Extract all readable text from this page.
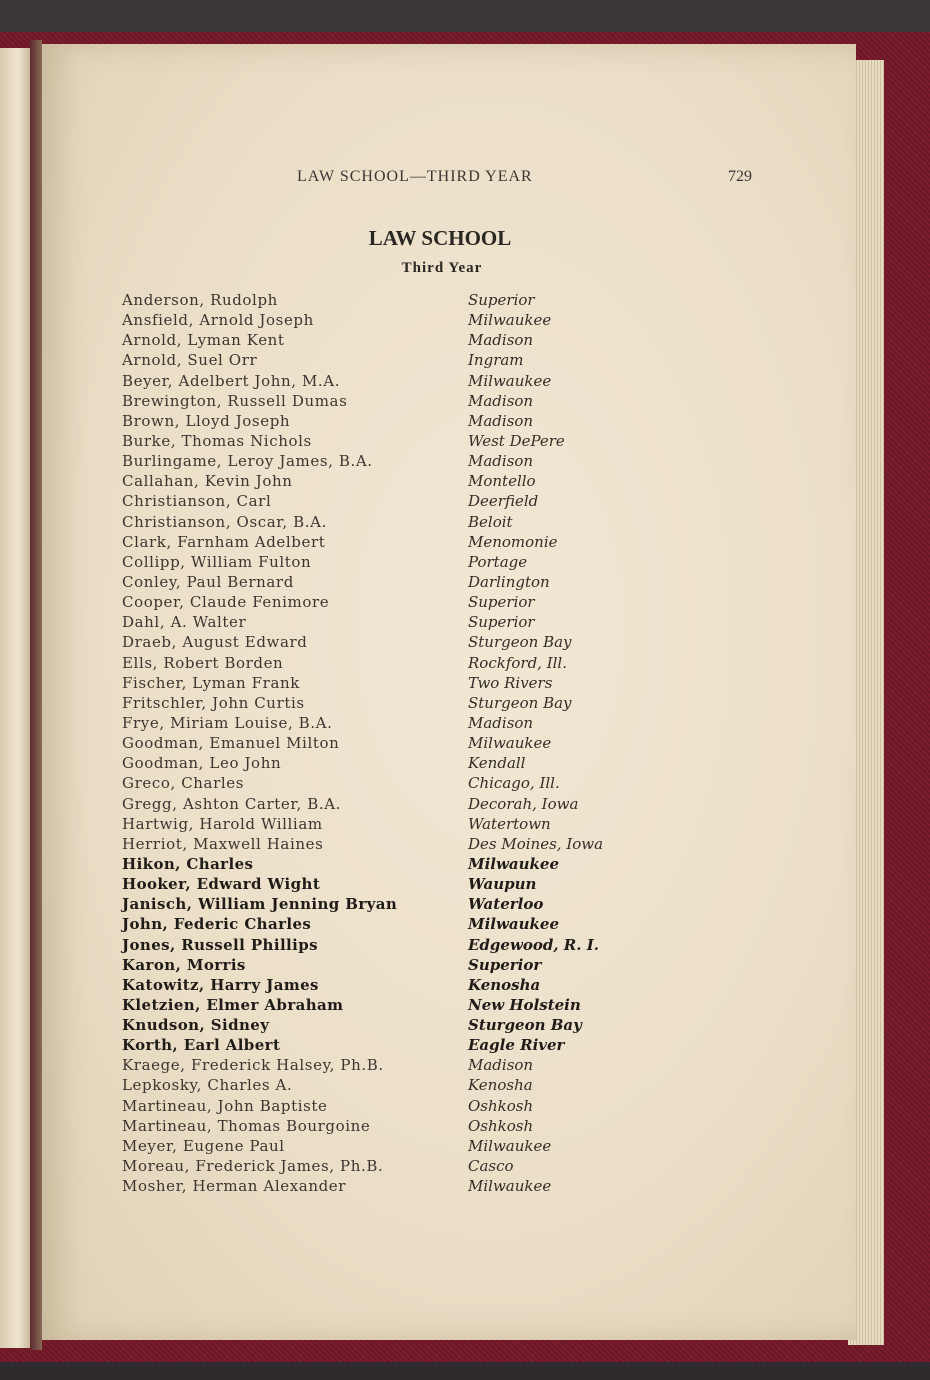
LAW SCHOOL—THIRD YEAR	729
LAW SCHOOL
Third Year
Anderson, Rudolph	Superior
Ansfield, Arnold Joseph	Milwaukee
Arnold, Lyman Kent	Madison
Arnold, Suel Orr	Ingram
Beyer, Adelbert John, M.A.	Milwaukee
Brewington, Russell Dumas	Madison
Brown, Lloyd Joseph	Madison
Burke, Thomas Nichols	West DePere
Burlingame, Leroy James, B.A.	Madison
Callahan, Kevin John	Montello
Christianson, Carl	Deerfield
Christianson, Oscar, B.A.	Beloit
Clark, Farnham Adelbert	Menomonie
Collipp, William Fulton	Portage
Conley, Paul Bernard	Darlington
Cooper, Claude Fenimore	Superior
Dahl, A. Walter	Superior
Draeb, August Edward	Sturgeon Bay
Ells, Robert Borden	Rockford, Ill.
Fischer, Lyman Frank	Two Rivers
Fritschler, John Curtis	Sturgeon Bay
Frye, Miriam Louise, B.A.	Madison
Goodman, Emanuel Milton	Milwaukee
Goodman, Leo John	Kendall
Greco, Charles	Chicago, Ill.
Gregg, Ashton Carter, B.A.	Decorah, Iowa
Hartwig, Harold William	Watertown
Herriot, Maxwell Haines	Des Moines, Iowa
Hikon, Charles	Milwaukee
Hooker, Edward Wight	Waupun
Janisch, William Jenning Bryan	Waterloo
John, Federic Charles	Milwaukee
Jones, Russell Phillips	Edgewood, R. I.
Karon, Morris	Superior
Katowitz, Harry James	Kenosha
Kletzien, Elmer Abraham	New Holstein
Knudson, Sidney	Sturgeon Bay
Korth, Earl Albert	Eagle River
Kraege, Frederick Halsey, Ph.B.	Madison
Lepkosky, Charles A.	Kenosha
Martineau, John Baptiste	Oshkosh
Martineau, Thomas Bourgoine	Oshkosh
Meyer, Eugene Paul	Milwaukee
Moreau, Frederick James, Ph.B.	Casco
Mosher, Herman Alexander	Milwaukee
